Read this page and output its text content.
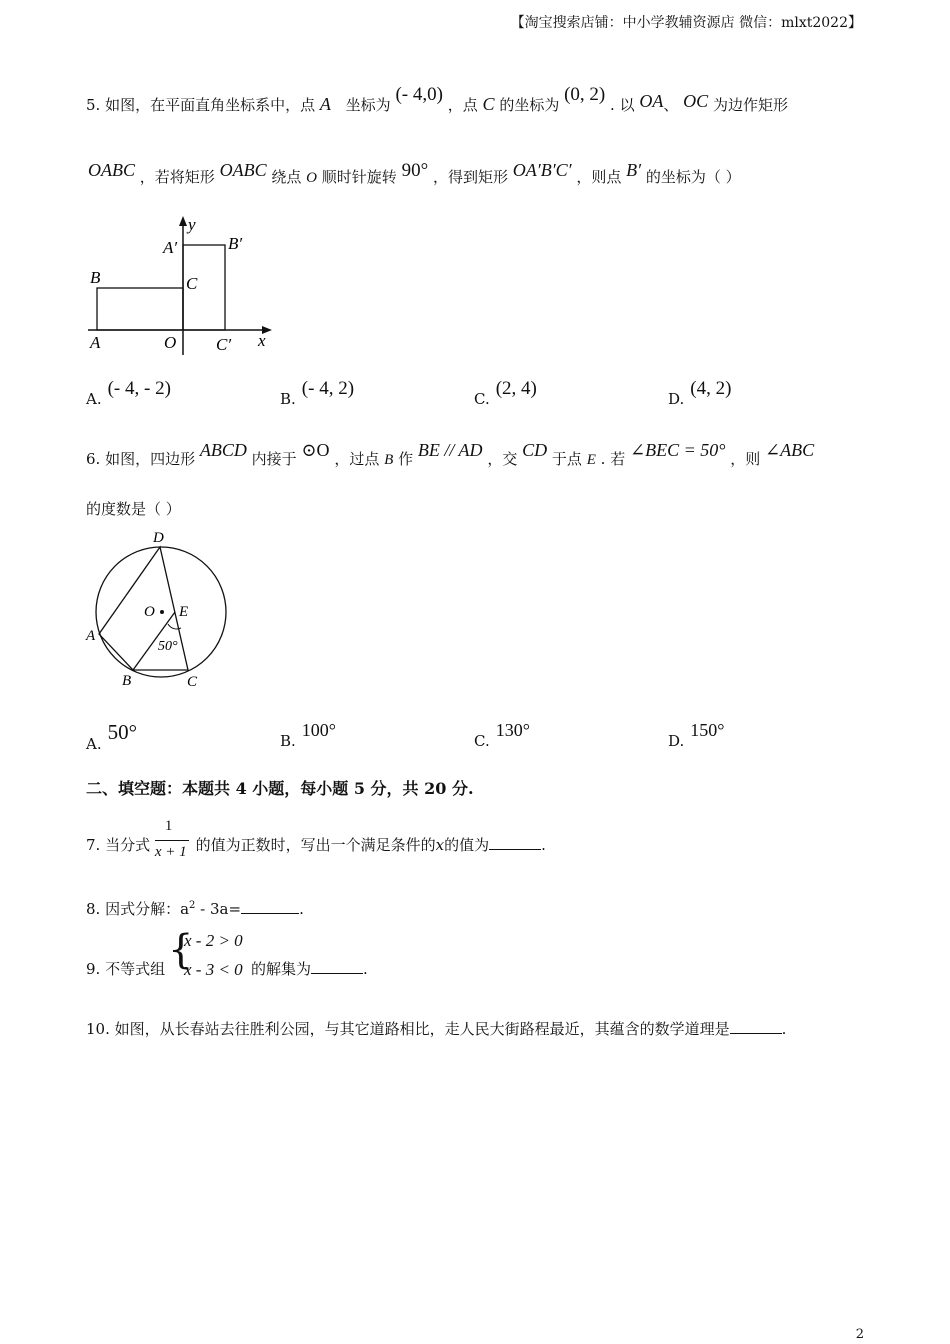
【淘宝搜索店铺：中小学教辅资源店 微信：mlxt2022】
5. 如图，在平面直角坐标系中，点 A 坐标为 (- 4,0) ，点 C 的坐标为 (0, 2) . 以 OA、 OC 为边作矩形
OABC ，若将矩形 OABC 绕点 O 顺时针旋转 90° ，得到矩形 OA′B′C′ ，则点 B′ 的坐标为（ ）
y
A′	B′
B	C
A	O C′ x
A. (- 4, - 2)	B. (- 4, 2)	C. (2, 4)	D. (4, 2)
6. 如图，四边形 ABCD 内接于 ⊙O ，过点 B 作 BE // AD ，交 CD 于点 E . 若 ∠BEC = 50° ，则 ∠ABC
的度数是（ ）
D
O E
A
50°
B	C
A. 50°	B.100°
C.130°
D.150°
二、填空题：本题共 4 小题，每小题 5 分，共 20 分.
7. 当分式 $\frac{1}{x + 1}$ 的值为正数时，写出一个满足条件的x的值为	.
8. 因式分解：$a^2 - 3a=$	.
9. 不等式组 {
x - 2 > 0
x - 3 < 0 的解集为	.
10. 如图，从长春站去往胜利公园，与其它道路相比，走人民大街路程最近，其蕴含的数学道理是	.
2
